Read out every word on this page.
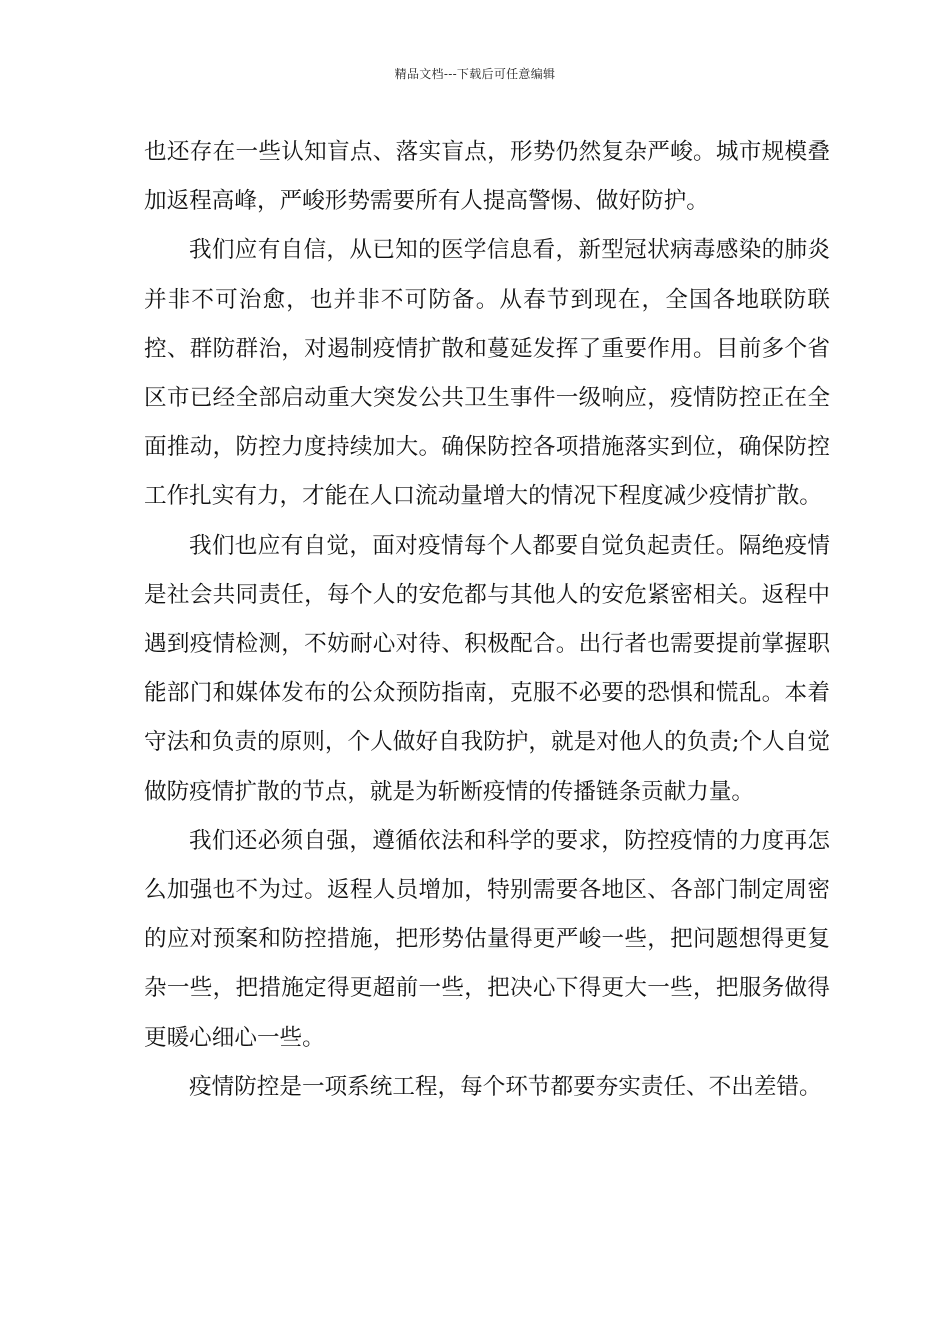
精品文档---下载后可任意编辑

也还存在一些认知盲点、落实盲点，形势仍然复杂严峻。城市规模叠加返程高峰，严峻形势需要所有人提高警惕、做好防护。

我们应有自信，从已知的医学信息看，新型冠状病毒感染的肺炎并非不可治愈，也并非不可防备。从春节到现在，全国各地联防联控、群防群治，对遏制疫情扩散和蔓延发挥了重要作用。目前多个省区市已经全部启动重大突发公共卫生事件一级响应，疫情防控正在全面推动，防控力度持续加大。确保防控各项措施落实到位，确保防控工作扎实有力，才能在人口流动量增大的情况下程度减少疫情扩散。

我们也应有自觉，面对疫情每个人都要自觉负起责任。隔绝疫情是社会共同责任，每个人的安危都与其他人的安危紧密相关。返程中遇到疫情检测，不妨耐心对待、积极配合。出行者也需要提前掌握职能部门和媒体发布的公众预防指南，克服不必要的恐惧和慌乱。本着守法和负责的原则，个人做好自我防护，就是对他人的负责;个人自觉做防疫情扩散的节点，就是为斩断疫情的传播链条贡献力量。

我们还必须自强，遵循依法和科学的要求，防控疫情的力度再怎么加强也不为过。返程人员增加，特别需要各地区、各部门制定周密的应对预案和防控措施，把形势估量得更严峻一些，把问题想得更复杂一些，把措施定得更超前一些，把决心下得更大一些，把服务做得更暖心细心一些。

疫情防控是一项系统工程，每个环节都要夯实责任、不出差错。
